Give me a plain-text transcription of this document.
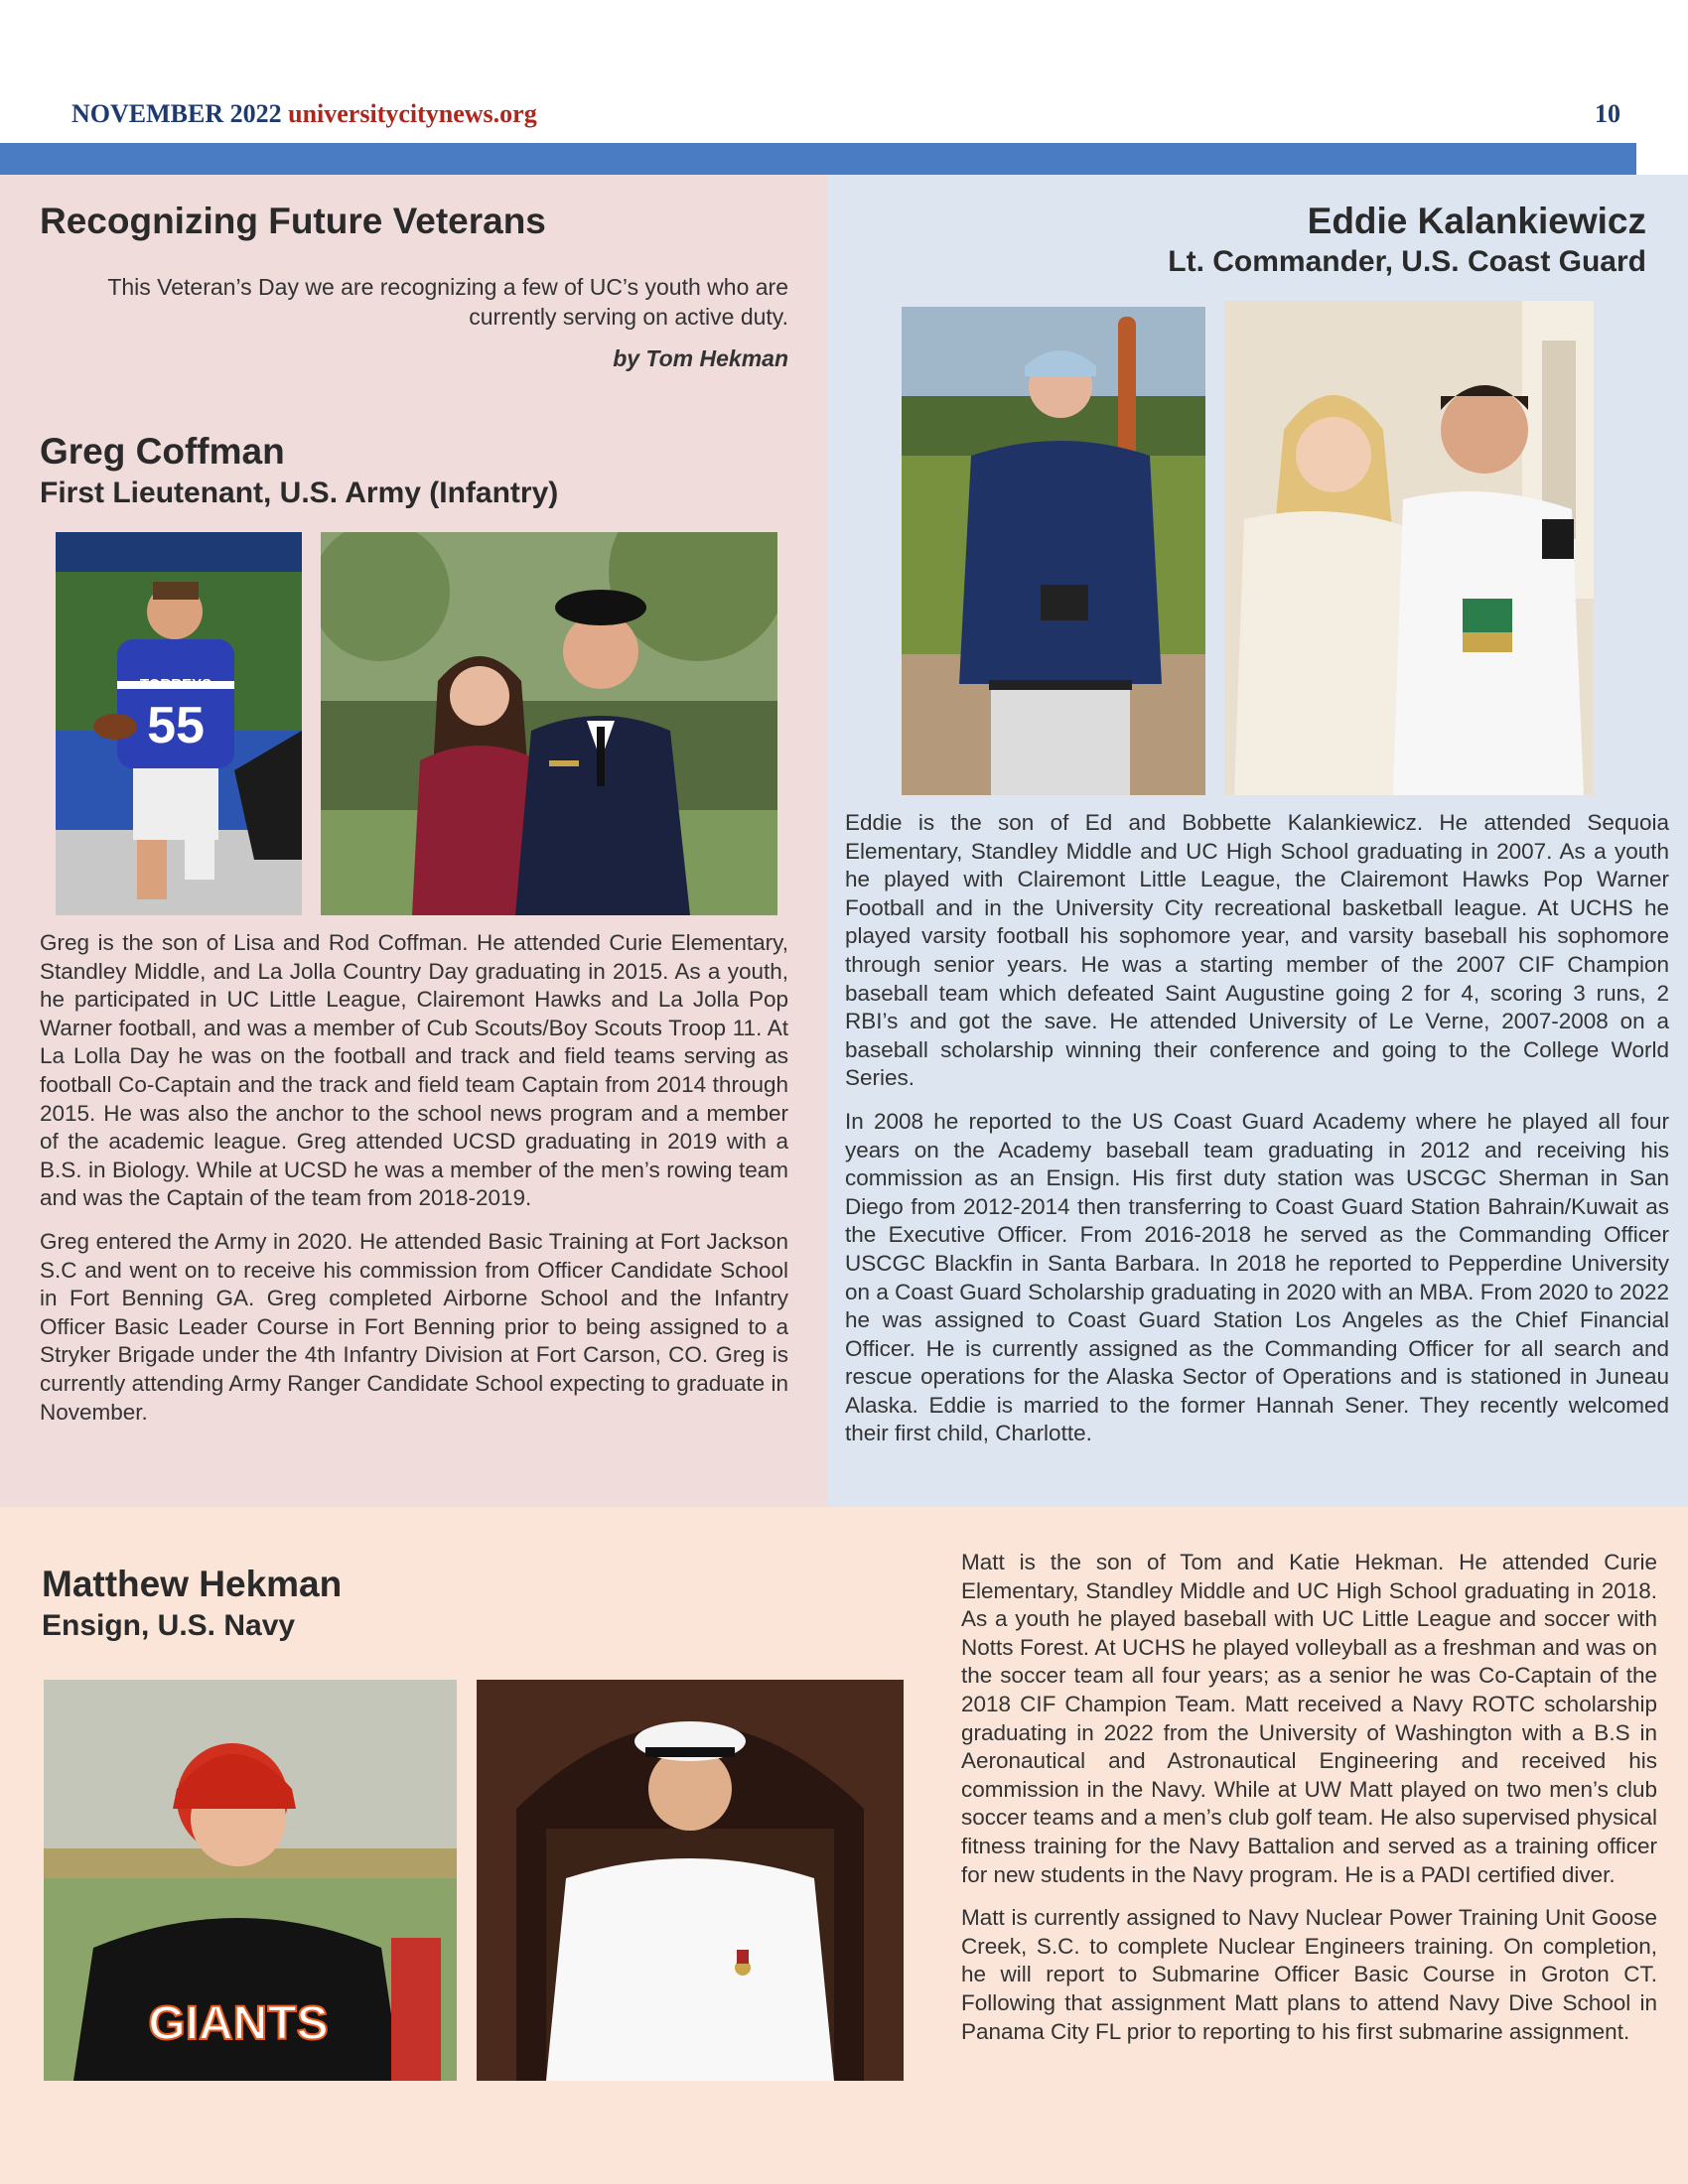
NOVEMBER 2022 universitycitynews.org	10
Recognizing Future Veterans

This Veteran’s Day we are recognizing a few of UC’s youth who are currently serving on active duty.

by Tom Hekman

Greg Coffman
First Lieutenant, U.S. Army (Infantry)
TORREYS
55

Greg is the son of Lisa and Rod Coffman. He attended Curie Elementary, Standley Middle, and La Jolla Country Day graduating in 2015. As a youth, he participated in UC Little League, Clairemont Hawks and La Jolla Pop Warner football, and was a member of Cub Scouts/Boy Scouts Troop 11. At La Lolla Day he was on the football and track and field teams serving as football Co-Captain and the track and field team Captain from 2014 through 2015. He was also the anchor to the school news program and a member of the academic league. Greg attended UCSD graduating in 2019 with a B.S. in Biology. While at UCSD he was a member of the men’s rowing team and was the Captain of the team from 2018-2019.

Greg entered the Army in 2020. He attended Basic Training at Fort Jackson S.C and went on to receive his commission from Officer Candidate School in Fort Benning GA. Greg completed Airborne School and the Infantry Officer Basic Leader Course in Fort Benning prior to being assigned to a Stryker Brigade under the 4th Infantry Division at Fort Carson, CO. Greg is currently attending Army Ranger Candidate School expecting to graduate in November.

Eddie Kalankiewicz
Lt. Commander, U.S. Coast Guard

Eddie is the son of Ed and Bobbette Kalankiewicz. He attended Sequoia Elementary, Standley Middle and UC High School graduating in 2007. As a youth he played with Clairemont Little League, the Clairemont Hawks Pop Warner Football and in the University City recreational basketball league. At UCHS he played varsity football his sophomore year, and varsity baseball his sophomore through senior years. He was a starting member of the 2007 CIF Champion baseball team which defeated Saint Augustine going 2 for 4, scoring 3 runs, 2 RBI’s and got the save. He attended University of Le Verne, 2007-2008 on a baseball scholarship winning their conference and going to the College World Series.

In 2008 he reported to the US Coast Guard Academy where he played all four years on the Academy baseball team graduating in 2012 and receiving his commission as an Ensign. His first duty station was USCGC Sherman in San Diego from 2012-2014 then transferring to Coast Guard Station Bahrain/Kuwait as the Executive Officer. From 2016-2018 he served as the Commanding Officer USCGC Blackfin in Santa Barbara. In 2018 he reported to Pepperdine University on a Coast Guard Scholarship graduating in 2020 with an MBA. From 2020 to 2022 he was assigned to Coast Guard Station Los Angeles as the Chief Financial Officer. He is currently assigned as the Commanding Officer for all search and rescue operations for the Alaska Sector of Operations and is stationed in Juneau Alaska. Eddie is married to the former Hannah Sener. They recently welcomed their first child, Charlotte.

Matthew Hekman
Ensign, U.S. Navy
GIANTS

Matt is the son of Tom and Katie Hekman. He attended Curie Elementary, Standley Middle and UC High School graduating in 2018. As a youth he played baseball with UC Little League and soccer with Notts Forest. At UCHS he played volleyball as a freshman and was on the soccer team all four years; as a senior he was Co-Captain of the 2018 CIF Champion Team. Matt received a Navy ROTC scholarship graduating in 2022 from the University of Washington with a B.S in Aeronautical and Astronautical Engineering and received his commission in the Navy. While at UW Matt played on two men’s club soccer teams and a men’s club golf team. He also supervised physical fitness training for the Navy Battalion and served as a training officer for new students in the Navy program. He is a PADI certified diver.

Matt is currently assigned to Navy Nuclear Power Training Unit Goose Creek, S.C. to complete Nuclear Engineers training. On completion, he will report to Submarine Officer Basic Course in Groton CT. Following that assignment Matt plans to attend Navy Dive School in Panama City FL prior to reporting to his first submarine assignment.
